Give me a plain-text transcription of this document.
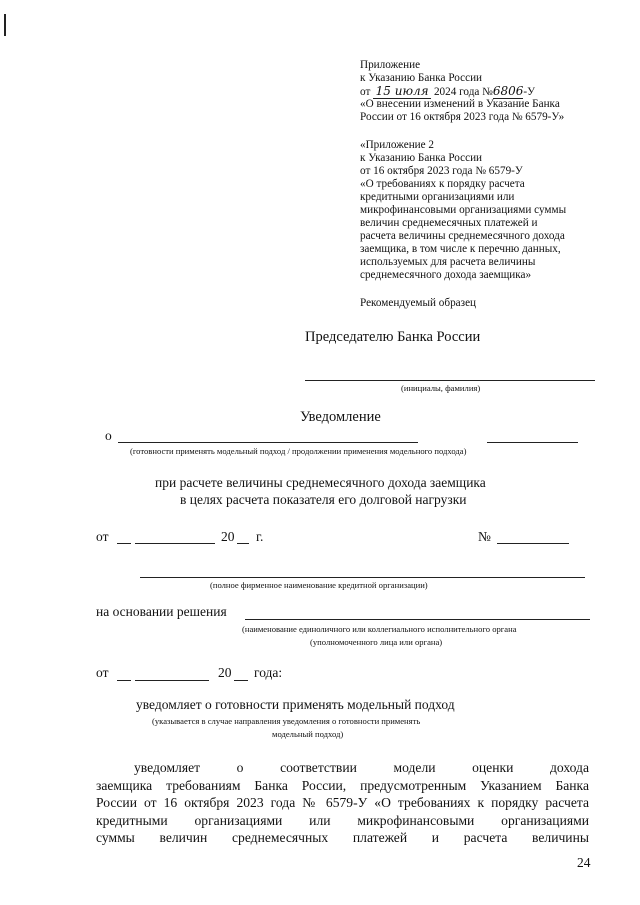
Приложение
к Указанию Банка России
от 15 июля 2024 года №6806-У
«О внесении изменений в Указание Банка
России от 16 октября 2023 года № 6579-У»
«Приложение 2
к Указанию Банка России
от 16 октября 2023 года № 6579-У
«О требованиях к порядку расчета
кредитными организациями или
микрофинансовыми организациями суммы
величин среднемесячных платежей и
расчета величины среднемесячного дохода
заемщика, в том числе к перечню данных,
используемых для расчета величины
среднемесячного дохода заемщика»
Рекомендуемый образец
Председателю Банка России
(инициалы, фамилия)
Уведомление
о
(готовности применять модельный подход / продолжении применения модельного подхода)
при расчете величины среднемесячного дохода заемщика
в целях расчета показателя его долговой нагрузки
от	20 г.	№
(полное фирменное наименование кредитной организации)
на основании решения
(наименование единоличного или коллегиального исполнительного органа
(уполномоченного лица или органа)
от	20 года:
уведомляет о готовности применять модельный подход
(указывается в случае направления уведомления о готовности применять
модельный подход)

уведомляет о соответствии модели оценки дохода

заемщика требованиям Банка России, предусмотренным Указанием Банка

России от 16 октября 2023 года № 6579-У «О требованиях к порядку расчета

кредитными организациями или микрофинансовыми организациями

суммы величин среднемесячных платежей и расчета величины

24
